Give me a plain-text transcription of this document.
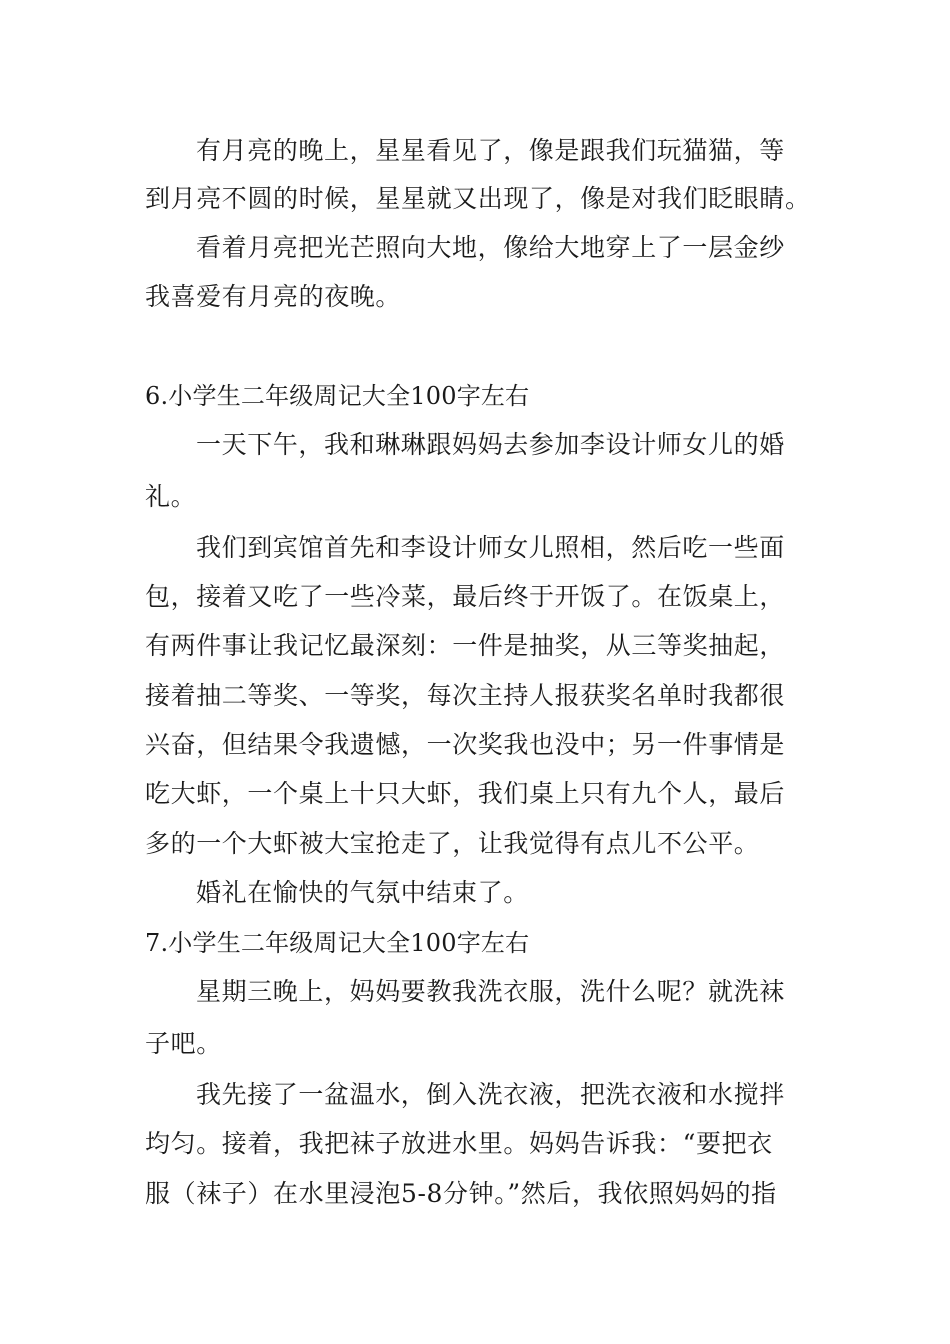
有月亮的晚上，星星看见了，像是跟我们玩猫猫，等
到月亮不圆的时候，星星就又出现了，像是对我们眨眼睛。
看着月亮把光芒照向大地，像给大地穿上了一层金纱
我喜爱有月亮的夜晚。
6.小学生二年级周记大全100字左右
一天下午，我和琳琳跟妈妈去参加李设计师女儿的婚
礼。
我们到宾馆首先和李设计师女儿照相，然后吃一些面
包，接着又吃了一些冷菜，最后终于开饭了。在饭桌上，
有两件事让我记忆最深刻：一件是抽奖，从三等奖抽起，
接着抽二等奖、一等奖，每次主持人报获奖名单时我都很
兴奋，但结果令我遗憾，一次奖我也没中；另一件事情是
吃大虾，一个桌上十只大虾，我们桌上只有九个人，最后
多的一个大虾被大宝抢走了，让我觉得有点儿不公平。
婚礼在愉快的气氛中结束了。
7.小学生二年级周记大全100字左右
星期三晚上，妈妈要教我洗衣服，洗什么呢？就洗袜
子吧。
我先接了一盆温水，倒入洗衣液，把洗衣液和水搅拌
均匀。接着，我把袜子放进水里。妈妈告诉我：“要把衣
服（袜子）在水里浸泡5-8分钟。”然后，我依照妈妈的指
